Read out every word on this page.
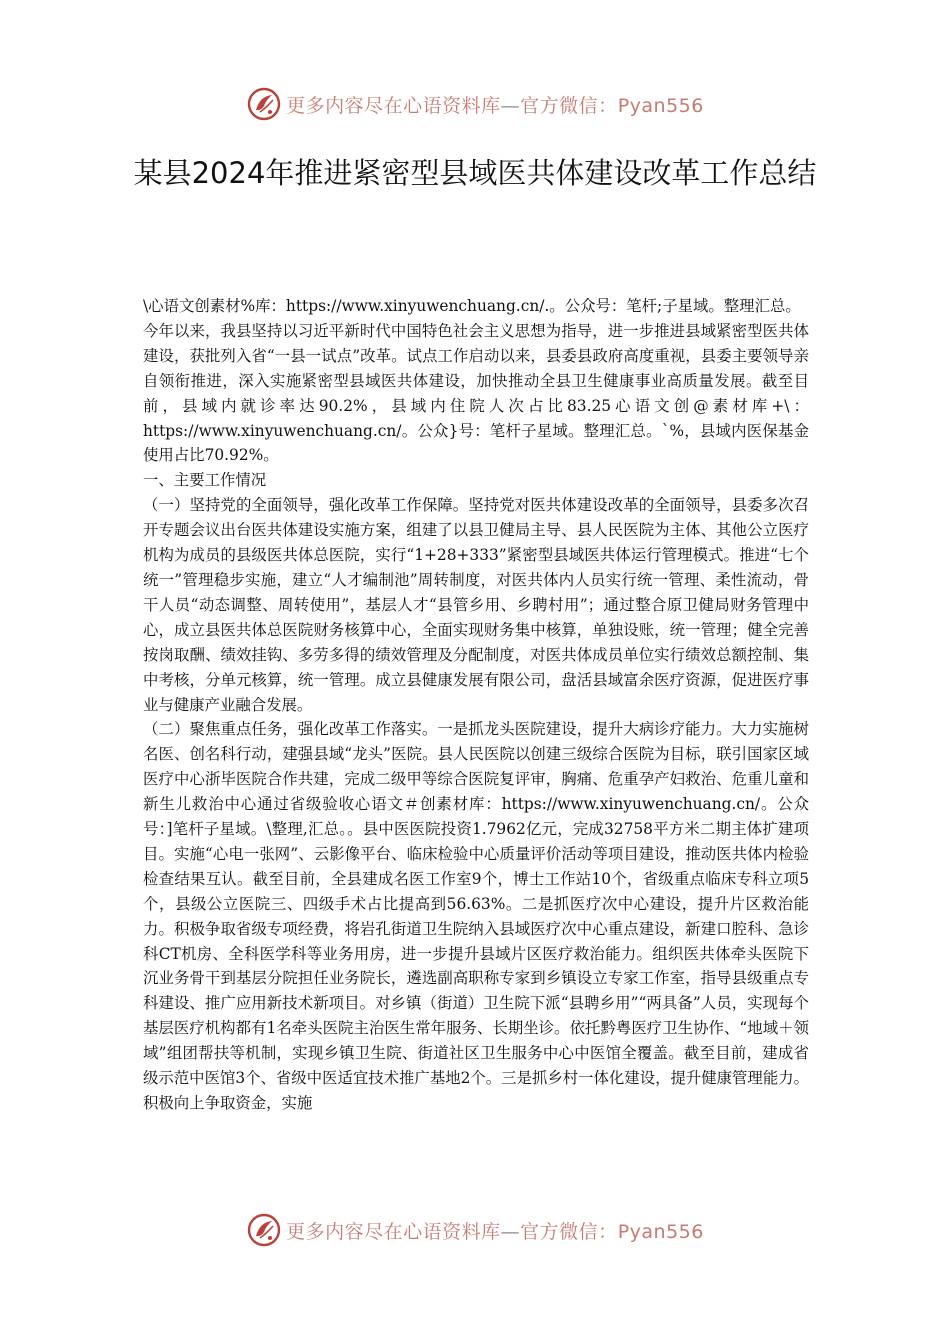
更多内容尽在心语资料库—官方微信：Pyan556
某县2024年推进紧密型县域医共体建设改革工作总结

\心语文创素材%库：https://www.xinyuwenchuang.cn/.。公众号：笔杆;子星域。整理汇总。

今年以来，我县坚持以习近平新时代中国特色社会主义思想为指导，进一步推进县域紧密型医共体建设，获批列入省“一县一试点”改革。试点工作启动以来，县委县政府高度重视，县委主要领导亲自领衔推进，深入实施紧密型县域医共体建设，加快推动全县卫生健康事业高质量发展。截至目前，县域内就诊率达90.2%，县域内住院人次占比83.25心语文创@素材库+\：https://www.xinyuwenchuang.cn/。公众}号：笔杆子星域。整理汇总。`%，县域内医保基金使用占比70.92%。

一、主要工作情况

（一）坚持党的全面领导，强化改革工作保障。坚持党对医共体建设改革的全面领导，县委多次召开专题会议出台医共体建设实施方案，组建了以县卫健局主导、县人民医院为主体、其他公立医疗机构为成员的县级医共体总医院，实行“1+28+333”紧密型县域医共体运行管理模式。推进“七个统一”管理稳步实施，建立“人才编制池”周转制度，对医共体内人员实行统一管理、柔性流动，骨干人员“动态调整、周转使用”，基层人才“县管乡用、乡聘村用”；通过整合原卫健局财务管理中心，成立县医共体总医院财务核算中心，全面实现财务集中核算，单独设账，统一管理；健全完善按岗取酬、绩效挂钩、多劳多得的绩效管理及分配制度，对医共体成员单位实行绩效总额控制、集中考核，分单元核算，统一管理。成立县健康发展有限公司，盘活县域富余医疗资源，促进医疗事业与健康产业融合发展。

（二）聚焦重点任务，强化改革工作落实。一是抓龙头医院建设，提升大病诊疗能力。大力实施树名医、创名科行动，建强县域“龙头”医院。县人民医院以创建三级综合医院为目标，联引国家区域医疗中心浙毕医院合作共建，完成二级甲等综合医院复评审，胸痛、危重孕产妇救治、危重儿童和新生儿救治中心通过省级验收心语文＃创素材库：https://www.xinyuwenchuang.cn/。公众号：]笔杆子星域。\整理,汇总。。县中医医院投资1.7962亿元，完成32758平方米二期主体扩建项目。实施“心电一张网”、云影像平台、临床检验中心质量评价活动等项目建设，推动医共体内检验检查结果互认。截至目前，全县建成名医工作室9个，博士工作站10个，省级重点临床专科立项5个，县级公立医院三、四级手术占比提高到56.63%。二是抓医疗次中心建设，提升片区救治能力。积极争取省级专项经费，将岩孔街道卫生院纳入县域医疗次中心重点建设，新建口腔科、急诊科CT机房、全科医学科等业务用房，进一步提升县域片区医疗救治能力。组织医共体牵头医院下沉业务骨干到基层分院担任业务院长，遴选副高职称专家到乡镇设立专家工作室，指导县级重点专科建设、推广应用新技术新项目。对乡镇（街道）卫生院下派“县聘乡用”“两具备”人员，实现每个基层医疗机构都有1名牵头医院主治医生常年服务、长期坐诊。依托黔粤医疗卫生协作、“地域＋领域”组团帮扶等机制，实现乡镇卫生院、街道社区卫生服务中心中医馆全覆盖。截至目前，建成省级示范中医馆3个、省级中医适宜技术推广基地2个。三是抓乡村一体化建设，提升健康管理能力。积极向上争取资金，实施

更多内容尽在心语资料库—官方微信：Pyan556
